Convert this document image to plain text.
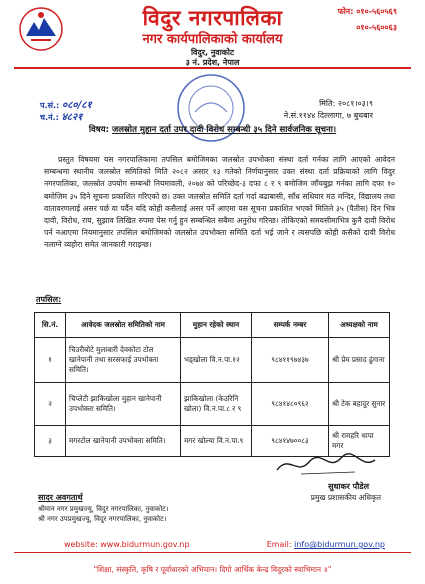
विदुर नगरपालिका
नगर कार्यपालिकाको कार्यालय
विदुर, नुवाकोट
३ नं. प्रदेश, नेपाल
फोन: ०१०-५६०५६९
०१०-५६००६३
प.सं.: ०८०/८१
च.नं.: ४८२१
मिति: २०८१।०३।९
ने.सं.११४४ दिल्लागा, ७ बुधबार
विषय: जलस्रोत मुहान दर्ता उपर दावी विरोध सम्बन्धी ३५ दिने सार्वजनिक सूचना।
प्रस्तुत विषयमा यस नगरपालिकामा तपसिल बमोजिमका जलस्रोत उपभोक्ता संस्था दर्ता गर्नका लागि आएको आवेदन सम्बन्धमा स्थानीय जलस्रोत समितिको मिति २०८२ असार १३ गतेको निर्णयानुसार उक्त संस्था दर्ता प्रक्रियाको लागि विदुर नगरपालिका, जलस्रोत उपयोग सम्बन्धी नियमावली, २०७४ को परिच्छेद-३ दफा ८ र ९ बमोजिम जाँचबुझ गर्नका लागि दफा १० बमोजिम ३५ दिने सूचना प्रकाशित गरिएको छ। उक्त जलस्रोत समिति दर्ता गर्दा बढाबासी, साँध सधियार मठ मन्दिर, विद्यालय तथा वातावरणलाई असर पर्छ वा पर्दैन यदि कोही कसैलाई असर पर्ने आएमा यस सूचना प्रकाशित भएको मितिले ३५ (पैतीस) दिन भित्र दावी, विरोध, राय, सुझाव लिखित रुपमा पेस गर्नु हुन सम्बन्धित सबैमा अनुरोध गरिन्छ। तोकिएको समयसीमाभित्र कुनै दावी विरोध पर्न नआएमा नियमानुसार तपसिल बमोजिमको जलस्रोत उपभोक्ता समिति दर्ता भई जाने र त्यसपछि कोही कसैको दावी विरोध नलाग्ने व्यहोरा समेत जानकारी गराइन्छ।
तपसिल:
सि.नं.	आवेदक जलस्रोत समितिको नाम	मुहान रहेको स्थान	सम्पर्क नम्बर	अध्यक्षको नाम
१	चिउरीबोटे मुलाबारी देवकोटा टोल खानेपानी तथा सरसफाई उपभोक्ता समिति।	भड्खोला वि.न.पा.१२	९८४११९७४३७	श्री प्रेम प्रसाद ढुंगाना
२	चिप्लेटी झाकिखोला मुहान खानेपानी उपभोक्ता समिति।	झाकिखोला (केउरिनि खोला) वि.न.पा.८ र ९	९८४१४८०९६२	श्री टेक बहादुर सुनार
३	मगरटोल खानेपानी उपभोक्ता समिति।	मगर खोल्या वि.न.पा.९	९८४१४७००८३	श्री रामहरि थापा मगर
सुधाकर पौडेल
प्रमुख प्रशासकीय अधिकृत
सादर अवगतार्थ
श्रीमान नगर प्रमुखज्यू, विदुर नगरपालिका, नुवाकोट।
श्री नगर उपप्रमुखज्यू, विदुर नगरपालिका, नुवाकोट।
website: www.bidurmun.gov.np	Email: info@bidurmun.gov.np
"शिक्षा, संस्कृति, कृषि र पूर्वाधारको अभियान। दिगो आर्थिक केन्द्र विदुरको स्वाभिमान ॥"
